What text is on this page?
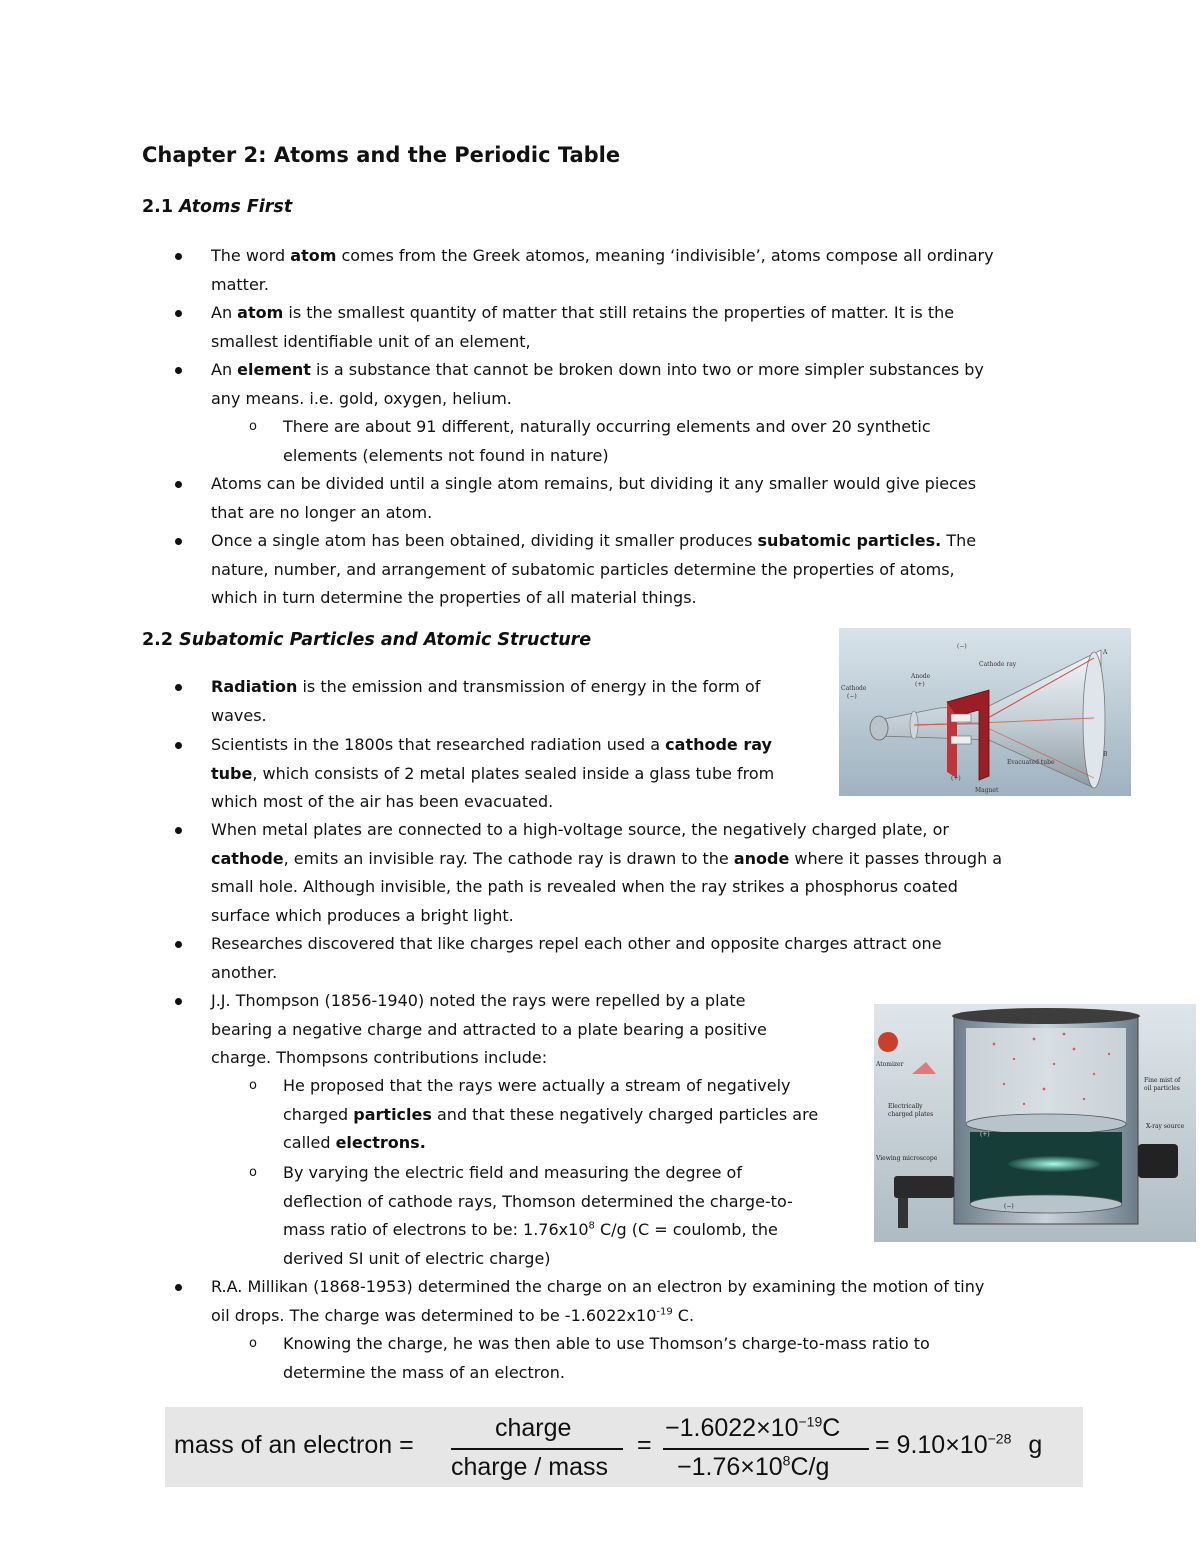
Chapter 2: Atoms and the Periodic Table
2.1 Atoms First
The word atom comes from the Greek atomos, meaning ‘indivisible’, atoms compose all ordinary
matter.
An atom is the smallest quantity of matter that still retains the properties of matter. It is the
smallest identifiable unit of an element,
An element is a substance that cannot be broken down into two or more simpler substances by
any means. i.e. gold, oxygen, helium.
o There are about 91 different, naturally occurring elements and over 20 synthetic
elements (elements not found in nature)
Atoms can be divided until a single atom remains, but dividing it any smaller would give pieces
that are no longer an atom.
Once a single atom has been obtained, dividing it smaller produces subatomic particles. The
nature, number, and arrangement of subatomic particles determine the properties of atoms,
which in turn determine the properties of all material things.
2.2 Subatomic Particles and Atomic Structure
Radiation is the emission and transmission of energy in the form of
waves.
Scientists in the 1800s that researched radiation used a cathode ray
tube, which consists of 2 metal plates sealed inside a glass tube from
which most of the air has been evacuated.
When metal plates are connected to a high-voltage source, the negatively charged plate, or
cathode, emits an invisible ray. The cathode ray is drawn to the anode where it passes through a
small hole. Although invisible, the path is revealed when the ray strikes a phosphorus coated
surface which produces a bright light.
Researches discovered that like charges repel each other and opposite charges attract one
another.
J.J. Thompson (1856-1940) noted the rays were repelled by a plate
bearing a negative charge and attracted to a plate bearing a positive
charge. Thompsons contributions include:
o He proposed that the rays were actually a stream of negatively
charged particles and that these negatively charged particles are
called electrons.
o By varying the electric field and measuring the degree of
deflection of cathode rays, Thomson determined the charge-to-
mass ratio of electrons to be: $1.76x10^8$ C/g (C = coulomb, the
derived SI unit of electric charge)
R.A. Millikan (1868-1953) determined the charge on an electron by examining the motion of tiny
oil drops. The charge was determined to be $-1.6022x10^{-19}$ C.
o Knowing the charge, he was then able to use Thomson’s charge-to-mass ratio to
determine the mass of an electron.
(−)
Cathode
(−)
Anode
(+)
Cathode ray
A
B
Evacuated tube
(+)
Magnet
Atomizer
Fine mist of
oil particles
Electrically
charged plates
X-ray source
Viewing microscope
(+)
(−)
mass of an electron =
charge
charge / mass
=
$-1.6022\times 10^{-19}C$
$-1.76\times 10^8C/g$
= $9.10\times 10^{-28}$ g
